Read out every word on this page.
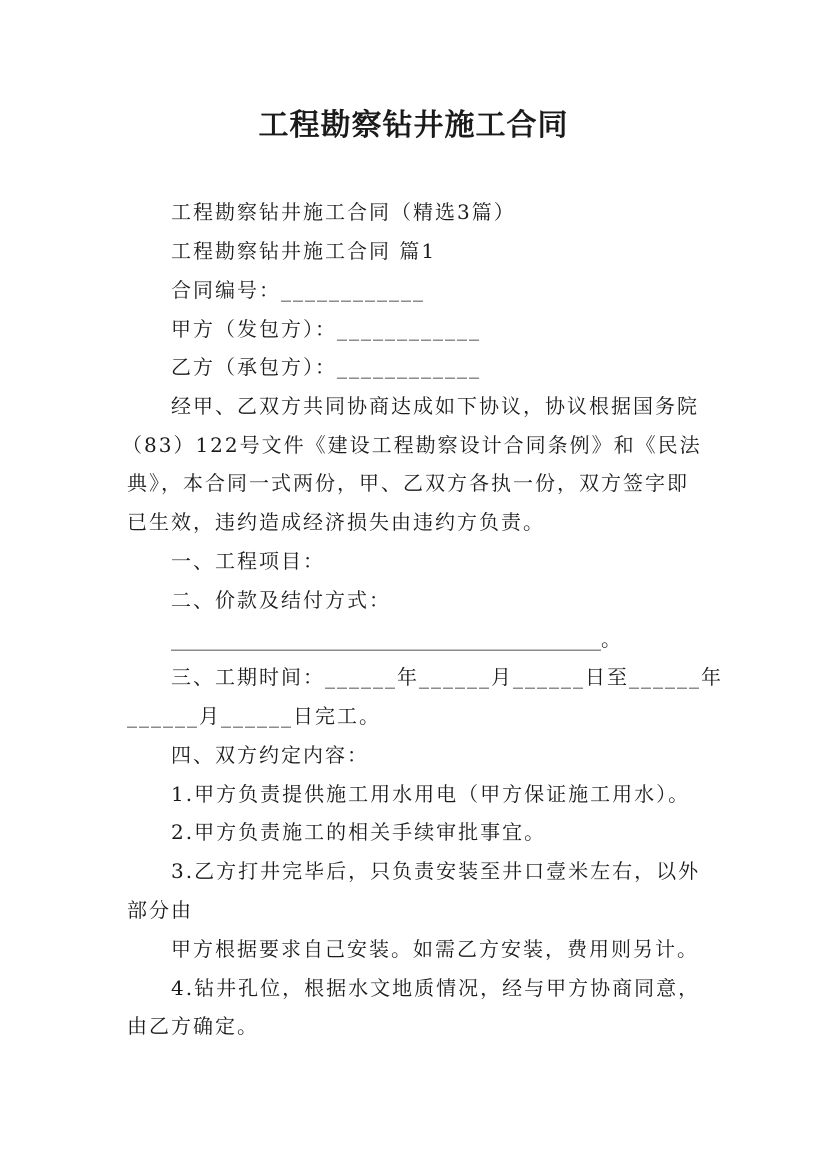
工程勘察钻井施工合同
工程勘察钻井施工合同（精选3篇）
工程勘察钻井施工合同 篇1
合同编号：____________
甲方（发包方）：____________
乙方（承包方）：____________
经甲、乙双方共同协商达成如下协议，协议根据国务院
（83）122号文件《建设工程勘察设计合同条例》和《民法
典》，本合同一式两份，甲、乙双方各执一份，双方签字即
已生效，违约造成经济损失由违约方负责。
一、工程项目：
二、价款及结付方式：
___________________________________________。
三、工期时间：______年______月______日至______年
______月______日完工。
四、双方约定内容：
1.甲方负责提供施工用水用电（甲方保证施工用水）。
2.甲方负责施工的相关手续审批事宜。
3.乙方打井完毕后，只负责安装至井口壹米左右，以外
部分由
甲方根据要求自己安装。如需乙方安装，费用则另计。
4.钻井孔位，根据水文地质情况，经与甲方协商同意，
由乙方确定。
